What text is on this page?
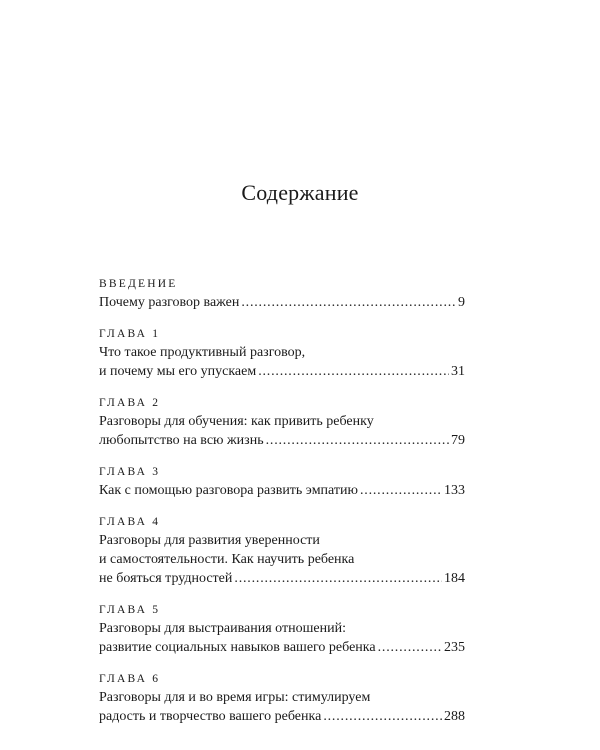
Содержание
ВВЕДЕНИЕ
Почему разговор важен .....	9
ГЛАВА 1
Что такое продуктивный разговор,
и почему мы его упускаем .....	31
ГЛАВА 2
Разговоры для обучения: как привить ребенку
любопытство на всю жизнь .....	79
ГЛАВА 3
Как с помощью разговора развить эмпатию .....	133
ГЛАВА 4
Разговоры для развития уверенности
и самостоятельности. Как научить ребенка
не бояться трудностей .....	184
ГЛАВА 5
Разговоры для выстраивания отношений:
развитие социальных навыков вашего ребенка .....	235
ГЛАВА 6
Разговоры для и во время игры: стимулируем
радость и творчество вашего ребенка .....	288
